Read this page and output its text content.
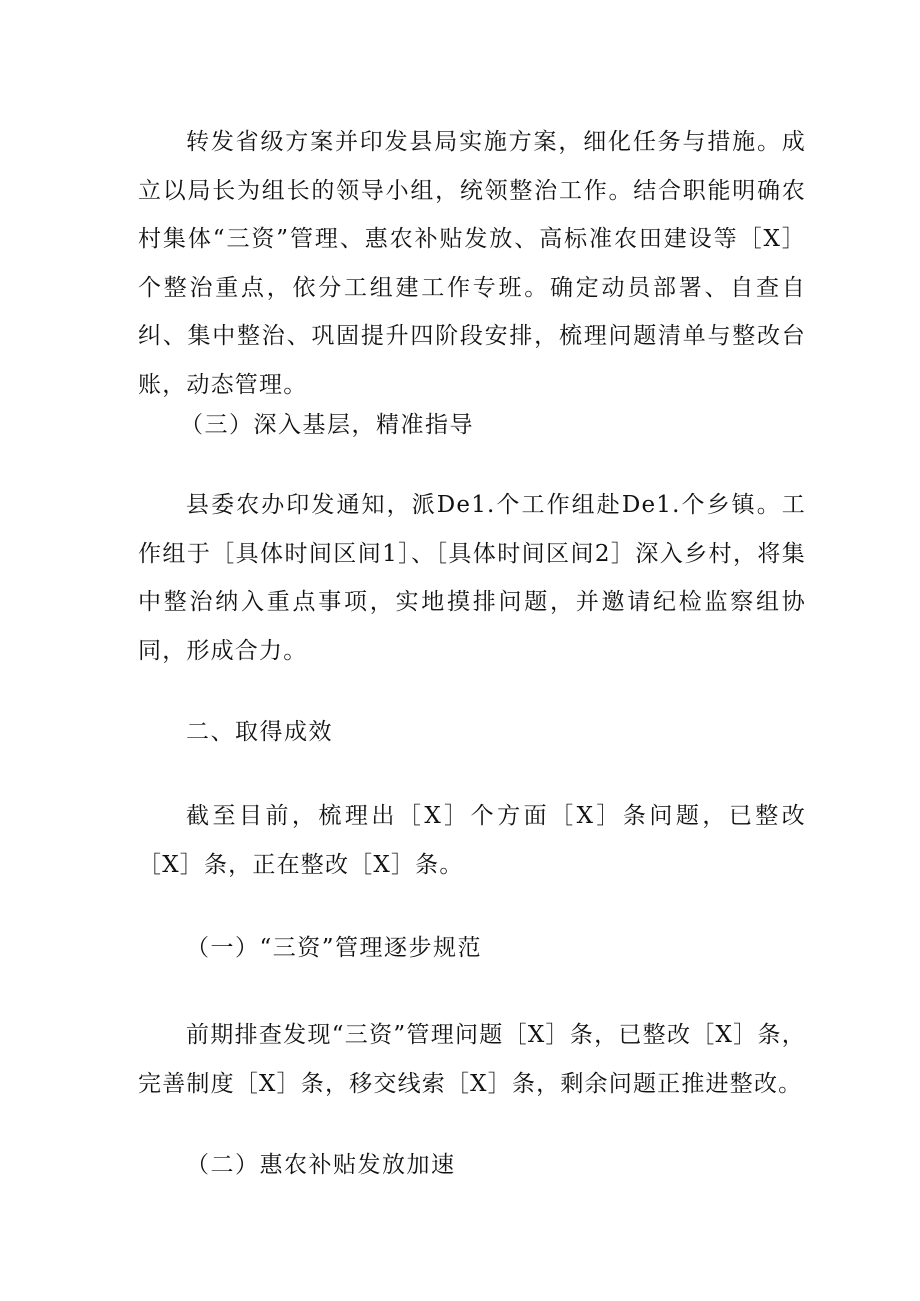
转发省级方案并印发县局实施方案，细化任务与措施。成立以局长为组长的领导小组，统领整治工作。结合职能明确农村集体“三资”管理、惠农补贴发放、高标准农田建设等［X］个整治重点，依分工组建工作专班。确定动员部署、自查自纠、集中整治、巩固提升四阶段安排，梳理问题清单与整改台账，动态管理。

（三）深入基层，精准指导

县委农办印发通知，派De1.个工作组赴De1.个乡镇。工作组于［具体时间区间1］、［具体时间区间2］深入乡村，将集中整治纳入重点事项，实地摸排问题，并邀请纪检监察组协同，形成合力。

二、取得成效

截至目前，梳理出［X］个方面［X］条问题，已整改［X］条，正在整改［X］条。

（一）“三资”管理逐步规范

前期排查发现“三资”管理问题［X］条，已整改［X］条，完善制度［X］条，移交线索［X］条，剩余问题正推进整改。

（二）惠农补贴发放加速
